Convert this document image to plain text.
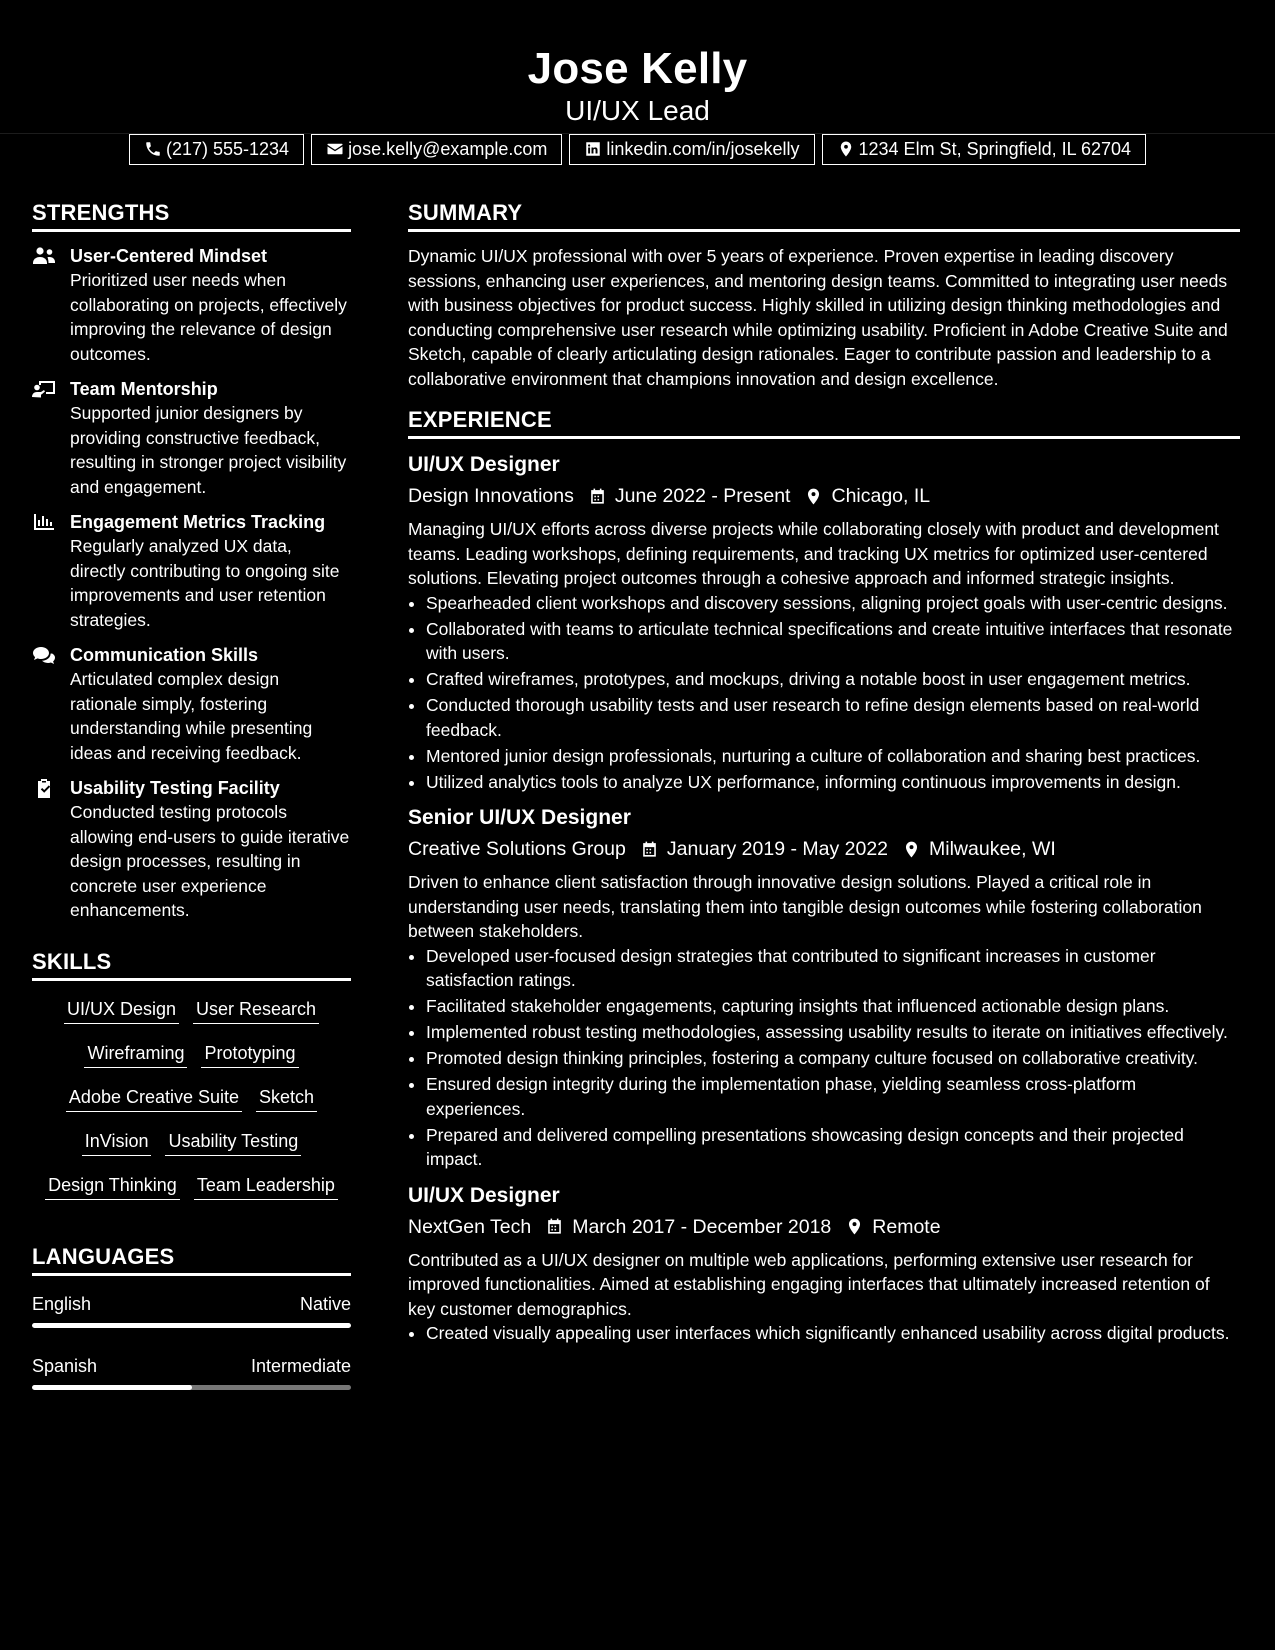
Jose Kelly
UI/UX Lead
(217) 555-1234	jose.kelly@example.com	linkedin.com/in/josekelly	1234 Elm St, Springfield, IL 62704
STRENGTHS
User-Centered Mindset
Prioritized user needs when collaborating on projects, effectively improving the relevance of design outcomes.
Team Mentorship
Supported junior designers by providing constructive feedback, resulting in stronger project visibility and engagement.
Engagement Metrics Tracking
Regularly analyzed UX data, directly contributing to ongoing site improvements and user retention strategies.
Communication Skills
Articulated complex design rationale simply, fostering understanding while presenting ideas and receiving feedback.
Usability Testing Facility
Conducted testing protocols allowing end-users to guide iterative design processes, resulting in concrete user experience enhancements.
SKILLS
UI/UX Design User Research
Wireframing Prototyping
Adobe Creative Suite Sketch
InVision Usability Testing
Design Thinking Team Leadership
LANGUAGES
English	Native
Spanish	Intermediate
SUMMARY

Dynamic UI/UX professional with over 5 years of experience. Proven expertise in leading discovery sessions, enhancing user experiences, and mentoring design teams. Committed to integrating user needs with business objectives for product success. Highly skilled in utilizing design thinking methodologies and conducting comprehensive user research while optimizing usability. Proficient in Adobe Creative Suite and Sketch, capable of clearly articulating design rationales. Eager to contribute passion and leadership to a collaborative environment that champions innovation and design excellence.

EXPERIENCE
UI/UX Designer
Design Innovations June 2022 - Present Chicago, IL

Managing UI/UX efforts across diverse projects while collaborating closely with product and development teams. Leading workshops, defining requirements, and tracking UX metrics for optimized user-centered solutions. Elevating project outcomes through a cohesive approach and informed strategic insights.

• Spearheaded client workshops and discovery sessions, aligning project goals with user-centric designs.
• Collaborated with teams to articulate technical specifications and create intuitive interfaces that resonate with users.
• Crafted wireframes, prototypes, and mockups, driving a notable boost in user engagement metrics.
• Conducted thorough usability tests and user research to refine design elements based on real-world feedback.
• Mentored junior design professionals, nurturing a culture of collaboration and sharing best practices.
• Utilized analytics tools to analyze UX performance, informing continuous improvements in design.
Senior UI/UX Designer
Creative Solutions Group January 2019 - May 2022 Milwaukee, WI

Driven to enhance client satisfaction through innovative design solutions. Played a critical role in understanding user needs, translating them into tangible design outcomes while fostering collaboration between stakeholders.

• Developed user-focused design strategies that contributed to significant increases in customer satisfaction ratings.
• Facilitated stakeholder engagements, capturing insights that influenced actionable design plans.
• Implemented robust testing methodologies, assessing usability results to iterate on initiatives effectively.
• Promoted design thinking principles, fostering a company culture focused on collaborative creativity.
• Ensured design integrity during the implementation phase, yielding seamless cross-platform experiences.
• Prepared and delivered compelling presentations showcasing design concepts and their projected impact.
UI/UX Designer
NextGen Tech March 2017 - December 2018 Remote

Contributed as a UI/UX designer on multiple web applications, performing extensive user research for improved functionalities. Aimed at establishing engaging interfaces that ultimately increased retention of key customer demographics.

• Created visually appealing user interfaces which significantly enhanced usability across digital products.
